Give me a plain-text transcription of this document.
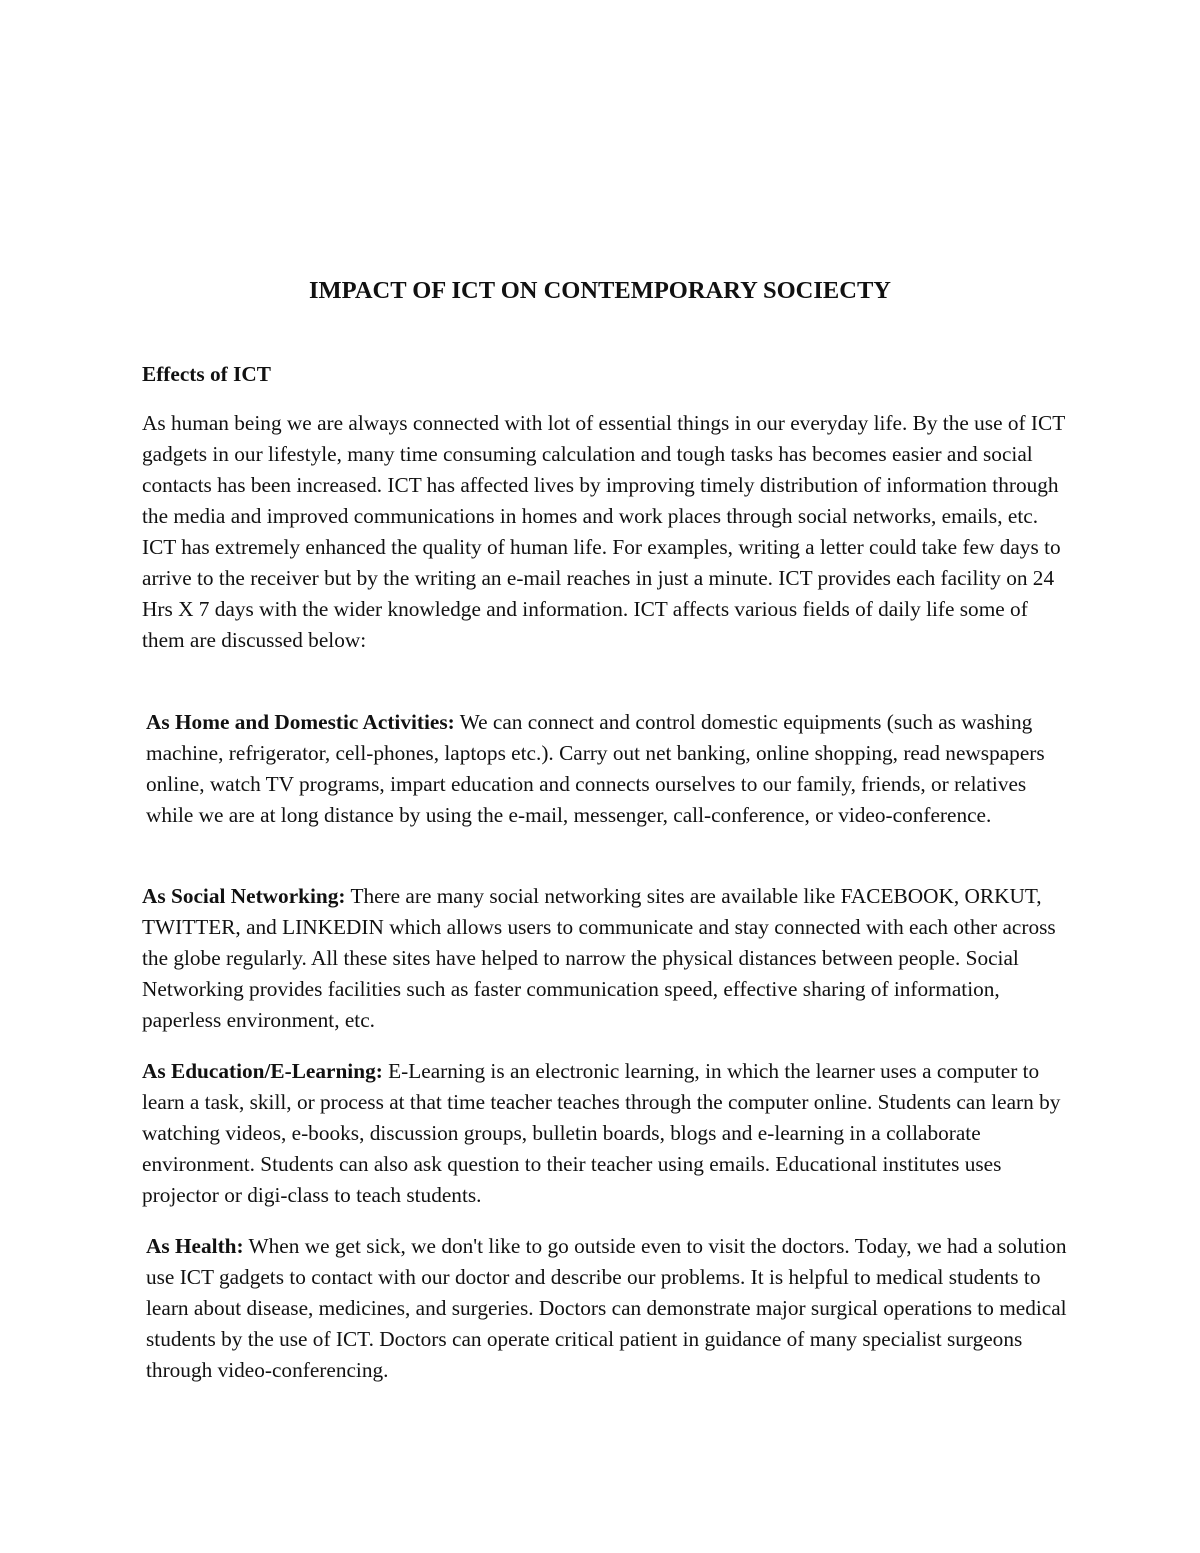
IMPACT OF ICT ON CONTEMPORARY SOCIECTY

Effects of ICT

As human being we are always connected with lot of essential things in our everyday life. By the use of ICT gadgets in our lifestyle, many time consuming calculation and tough tasks has becomes easier and social contacts has been increased. ICT has affected lives by improving timely distribution of information through the media and improved communications in homes and work places through social networks, emails, etc. ICT has extremely enhanced the quality of human life. For examples, writing a letter could take few days to arrive to the receiver but by the writing an e-mail reaches in just a minute. ICT provides each facility on 24 Hrs X 7 days with the wider knowledge and information. ICT affects various fields of daily life some of them are discussed below:

As Home and Domestic Activities: We can connect and control domestic equipments (such as washing machine, refrigerator, cell-phones, laptops etc.). Carry out net banking, online shopping, read newspapers online, watch TV programs, impart education and connects ourselves to our family, friends, or relatives while we are at long distance by using the e-mail, messenger, call-conference, or video-conference.

As Social Networking: There are many social networking sites are available like FACEBOOK, ORKUT, TWITTER, and LINKEDIN which allows users to communicate and stay connected with each other across the globe regularly. All these sites have helped to narrow the physical distances between people. Social Networking provides facilities such as faster communication speed, effective sharing of information, paperless environment, etc.

As Education/E-Learning: E-Learning is an electronic learning, in which the learner uses a computer to learn a task, skill, or process at that time teacher teaches through the computer online. Students can learn by watching videos, e-books, discussion groups, bulletin boards, blogs and e-learning in a collaborate environment. Students can also ask question to their teacher using emails. Educational institutes uses projector or digi-class to teach students.

As Health: When we get sick, we don't like to go outside even to visit the doctors. Today, we had a solution use ICT gadgets to contact with our doctor and describe our problems. It is helpful to medical students to learn about disease, medicines, and surgeries. Doctors can demonstrate major surgical operations to medical students by the use of ICT. Doctors can operate critical patient in guidance of many specialist surgeons through video-conferencing.
